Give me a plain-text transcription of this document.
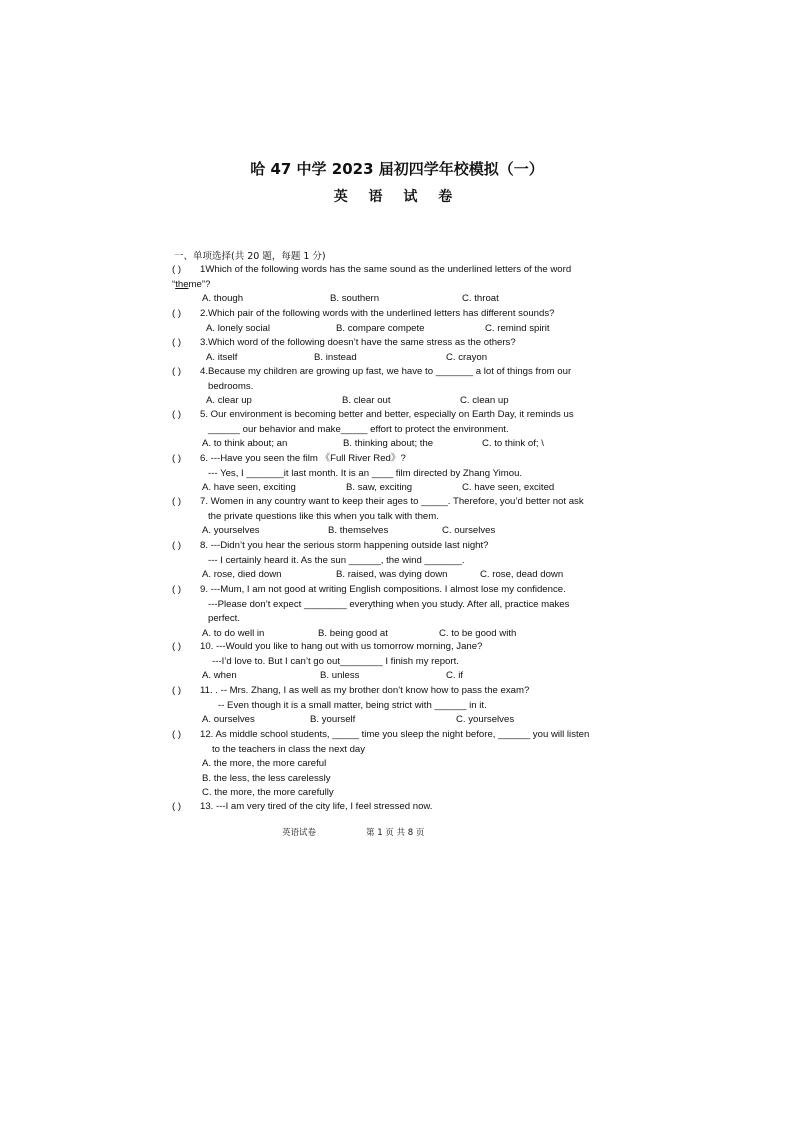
哈 47 中学 2023 届初四学年校模拟（一）
英 语 试 卷
一、单项选择(共 20 题，每题 1 分)
( )	1Which of the following words has the same sound as the underlined letters of the word
“theme”?
A. though	B. southern	C. throat
( )	2.Which pair of the following words with the underlined letters has different sounds?
A. lonely social	B. compare compete	C. remind spirit
( )	3.Which word of the following doesn’t have the same stress as the others?
A. itself	B. instead	C. crayon
( )	4.Because my children are growing up fast, we have to _______ a lot of things from our
bedrooms.
A. clear up	B. clear out	C. clean up
( )	5. Our environment is becoming better and better, especially on Earth Day, it reminds us
______ our behavior and make_____ effort to protect the environment.
A. to think about; an	B. thinking about; the	C. to think of; \
( )	6. ---Have you seen the film 《Full River Red》?
--- Yes, I _______it last month. It is an ____ film directed by Zhang Yimou.
A. have seen, exciting	B. saw, exciting	C. have seen, excited
( )	7. Women in any country want to keep their ages to _____. Therefore, you’d better not ask
the private questions like this when you talk with them.
A. yourselves	B. themselves	C. ourselves
( )	8. ---Didn’t you hear the serious storm happening outside last night?
--- I certainly heard it. As the sun ______, the wind _______.
A. rose, died down	B. raised, was dying down	C. rose, dead down
( )	9. ---Mum, I am not good at writing English compositions. I almost lose my confidence.
---Please don’t expect ________ everything when you study. After all, practice makes
perfect.
A. to do well in	B. being good at	C. to be good with
( )	10. ---Would you like to hang out with us tomorrow morning, Jane?
---I’d love to. But I can’t go out________ I finish my report.
A. when	B. unless	C. if
( )	11. . -- Mrs. Zhang, I as well as my brother don’t know how to pass the exam?
-- Even though it is a small matter, being strict with ______ in it.
A. ourselves	B. yourself	C. yourselves
( )	12. As middle school students, _____ time you sleep the night before, ______ you will listen
to the teachers in class the next day
A. the more, the more careful
B. the less, the less carelessly
C. the more, the more carefully
( )	13. ---I am very tired of the city life, I feel stressed now.
英语试卷	第 1 页 共 8 页
